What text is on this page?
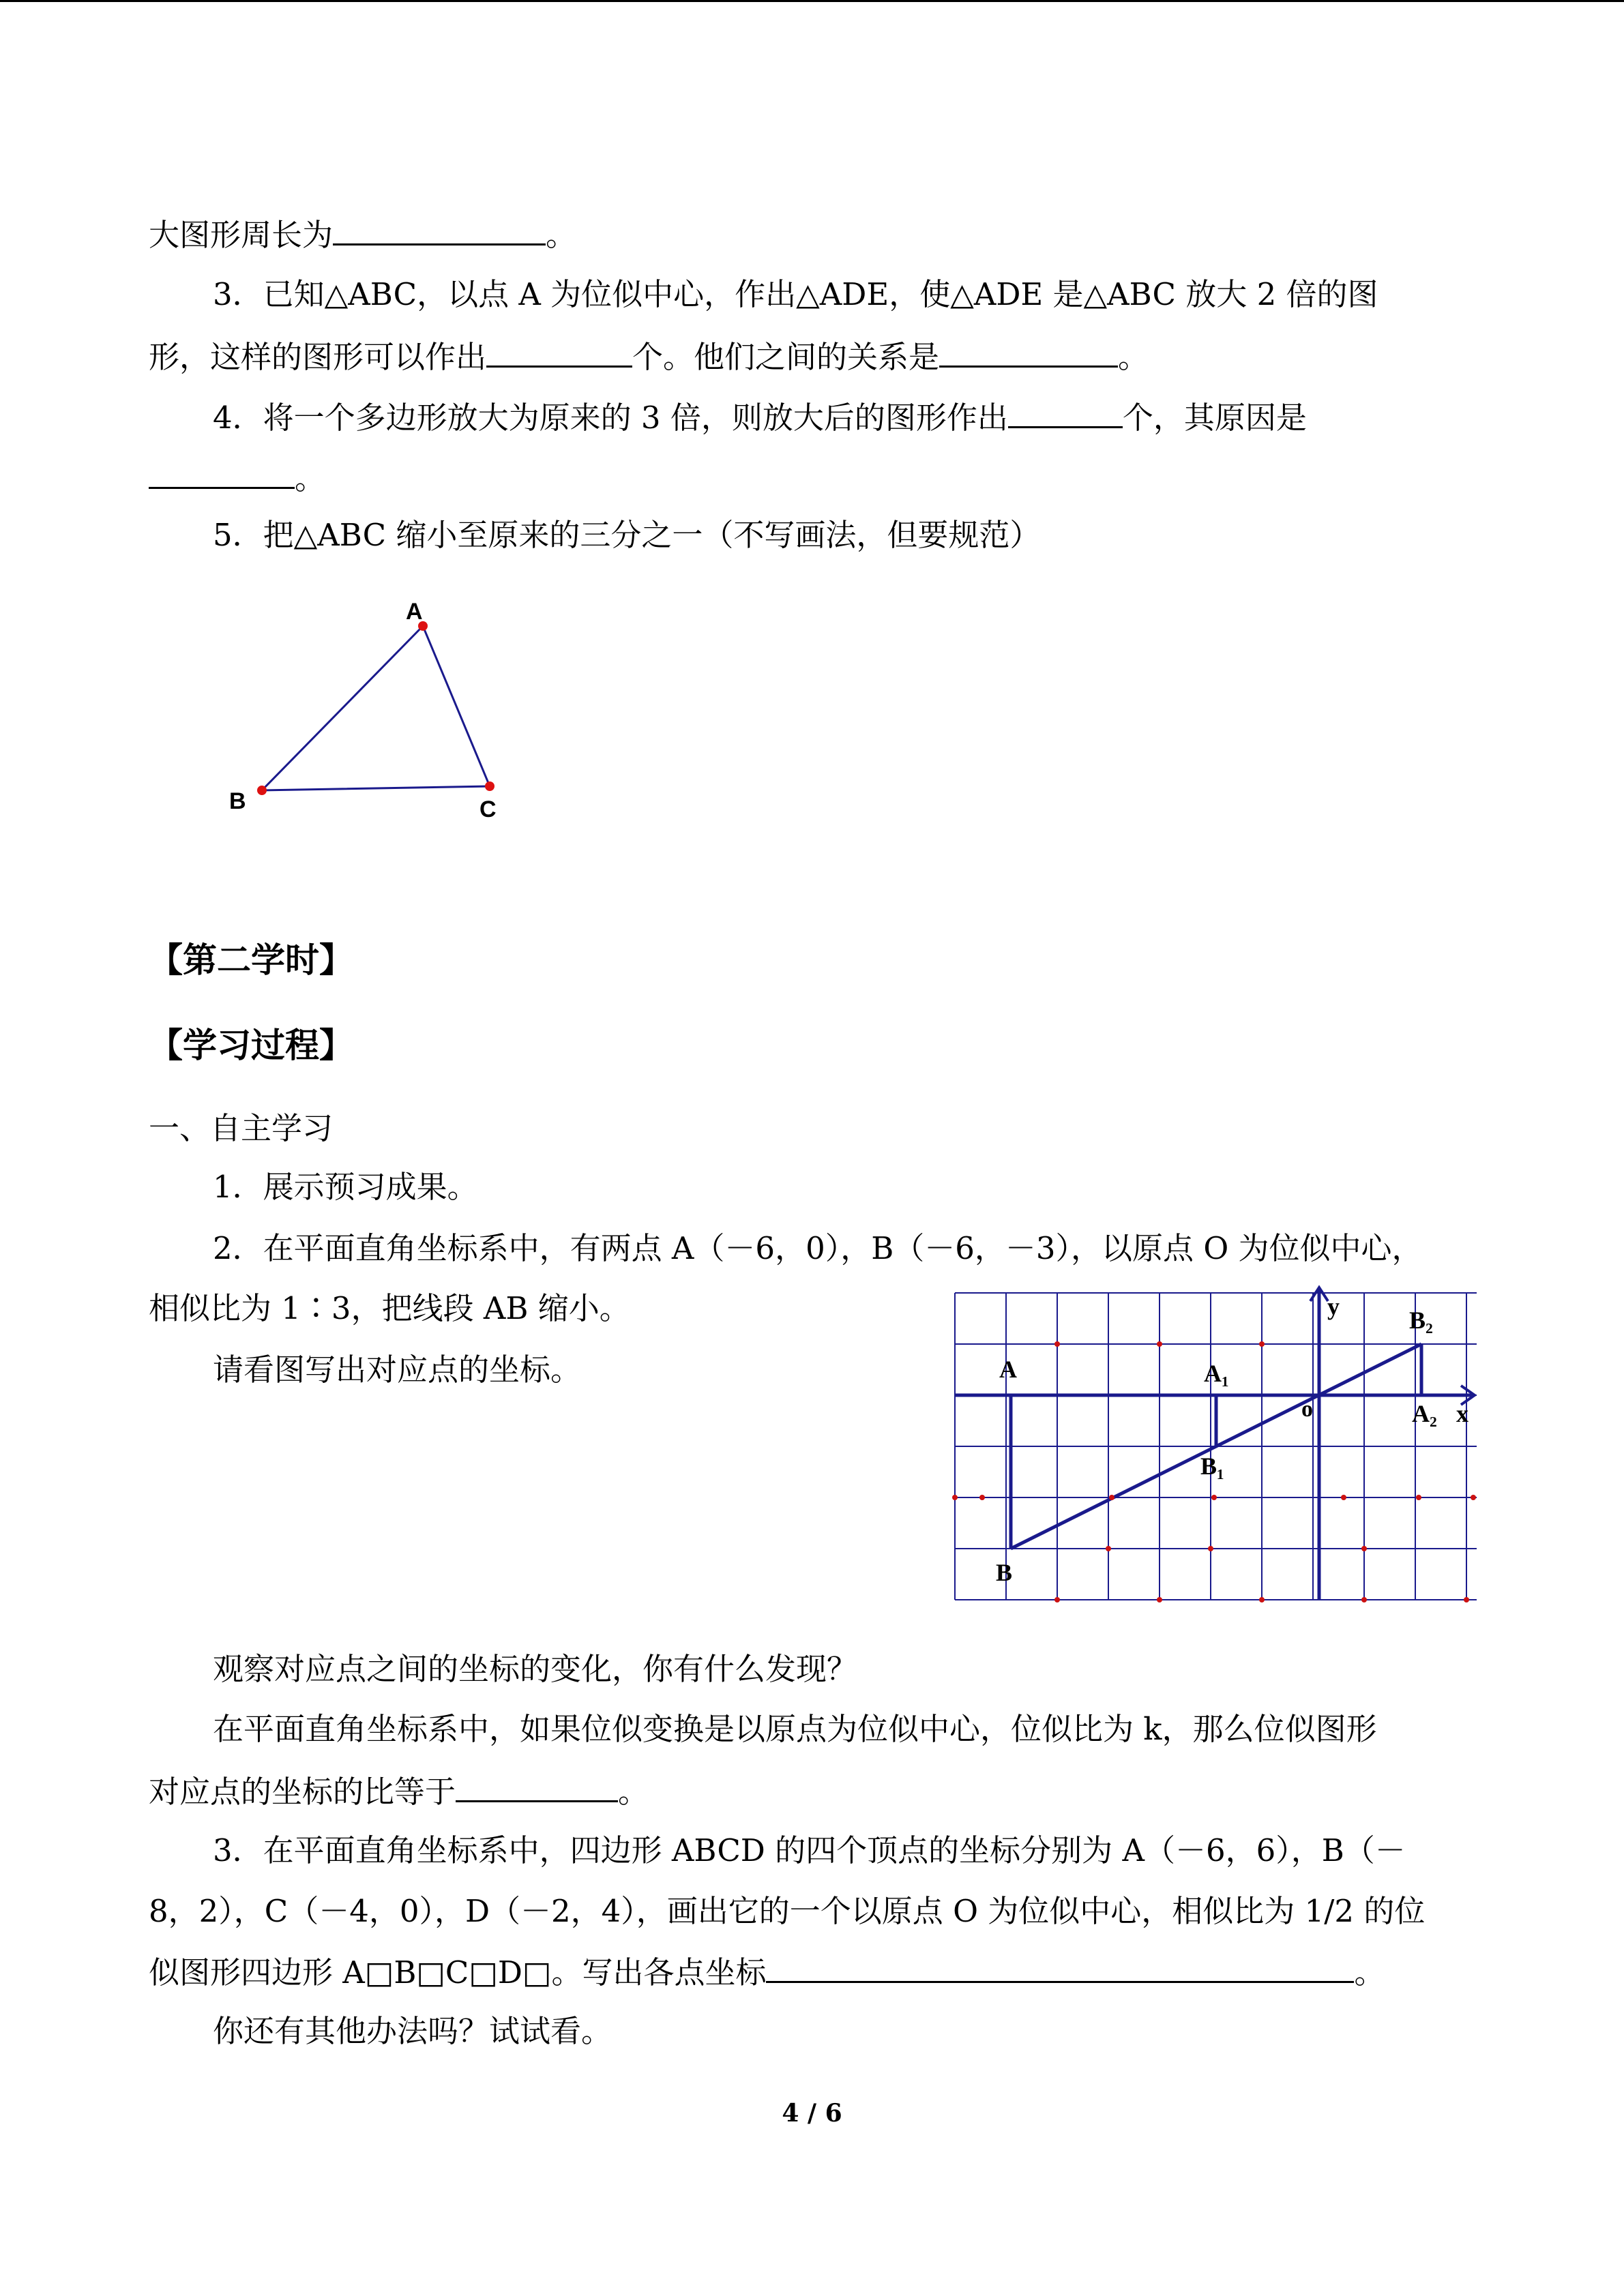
大图形周长为	。
3．已知△ABC，以点 A 为位似中心，作出△ADE，使△ADE 是△ABC 放大 2 倍的图
形，这样的图形可以作出	个。他们之间的关系是	。
4．将一个多边形放大为原来的 3 倍，则放大后的图形作出	个，其原因是
。
5．把△ABC 缩小至原来的三分之一（不写画法，但要规范）
A
B	C
【第二学时】
【学习过程】
一、自主学习
1．展示预习成果。
2．在平面直角坐标系中，有两点 A（－6，0），B（－6，－3），以原点 O 为位似中心，
相似比为 1∶3，把线段 AB 缩小。
请看图写出对应点的坐标。
y
x
o
A
B
A₁
B₁
A₂
B₂
观察对应点之间的坐标的变化，你有什么发现？
在平面直角坐标系中，如果位似变换是以原点为位似中心，位似比为 k，那么位似图形
对应点的坐标的比等于	。
3．在平面直角坐标系中，四边形 ABCD 的四个顶点的坐标分别为 A（－6，6），B（－
8，2），C（－4，0），D（－2，4），画出它的一个以原点 O 为位似中心，相似比为 1/2 的位
似图形四边形 A□B□C□D□。写出各点坐标	。
你还有其他办法吗？试试看。
4 / 6
